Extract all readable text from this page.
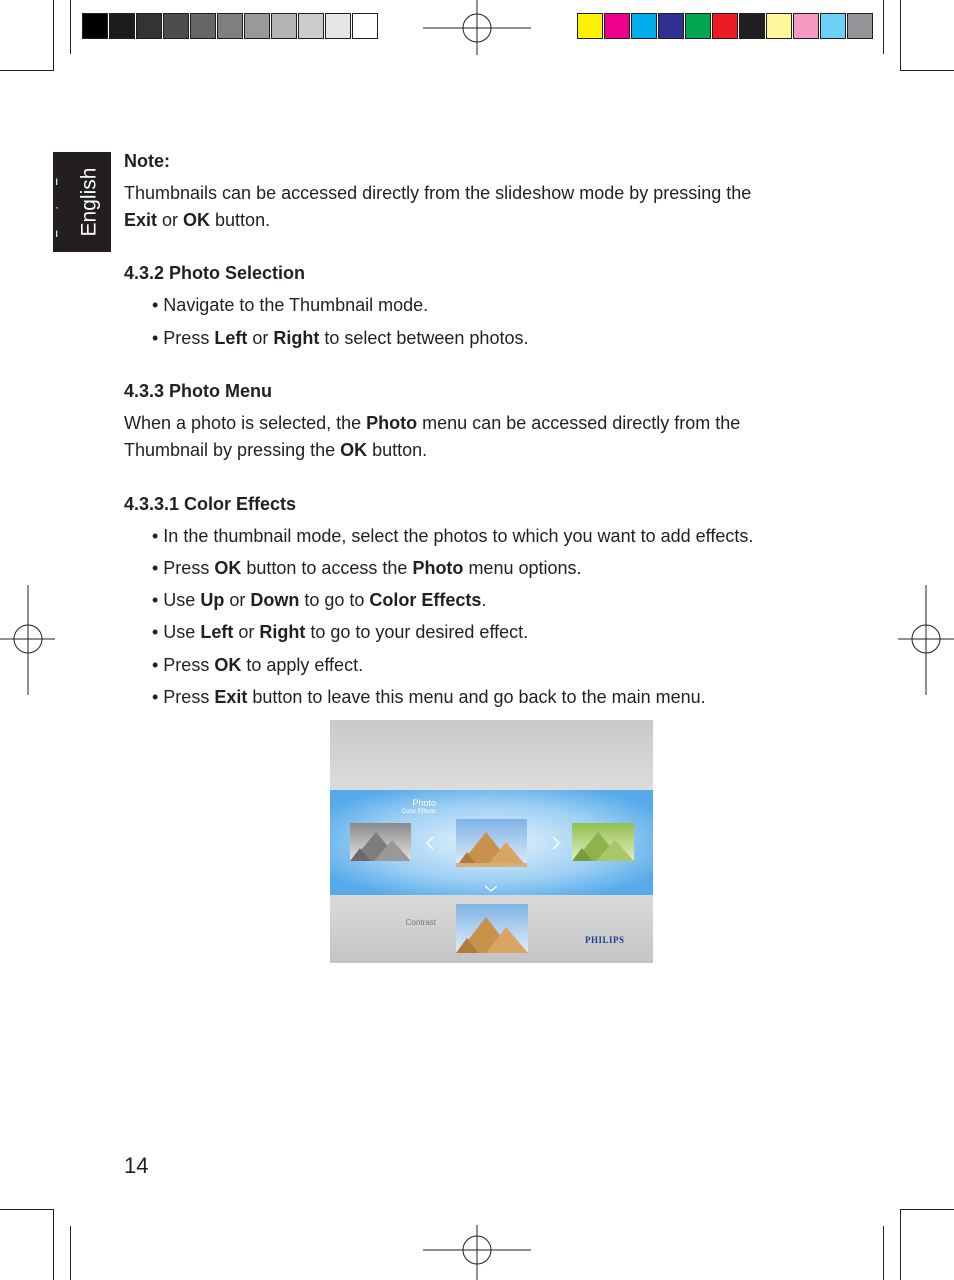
ı
·
ı English
Note:
Thumbnails can be accessed directly from the slideshow mode by pressing the
Exit or OK button.
4.3.2 Photo Selection
• Navigate to the Thumbnail mode.
• Press Left or Right to select between photos.
4.3.3 Photo Menu
When a photo is selected, the Photo menu can be accessed directly from the
Thumbnail by pressing the OK button.
4.3.3.1 Color Effects
• In the thumbnail mode, select the photos to which you want to add effects.
• Press OK button to access the Photo menu options.
• Use Up or Down to go to Color Effects.
• Use Left or Right to go to your desired effect.
• Press OK to apply effect.
• Press Exit button to leave this menu and go back to the main menu.
Photo
Color Effects
Contrast
PHILIPS
14
